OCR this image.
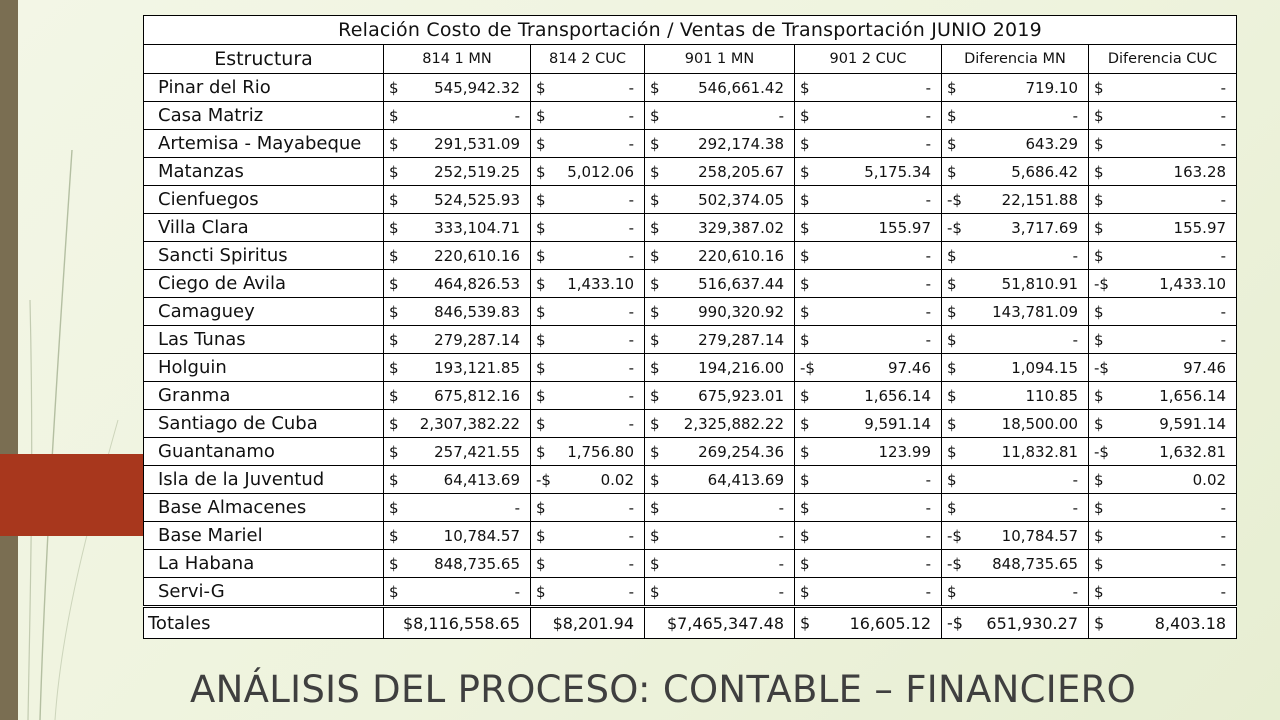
Relación Costo de Transportación / Ventas de Transportación JUNIO 2019						
Estructura	814 1 MN	814 2 CUC	901 1 MN	901 2 CUC	Diferencia MN	Diferencia CUC
Pinar del Rio	$ 545,942.32	$ -	$ 546,661.42	$ -	$ 719.10	$ -

Casa Matriz	$ -	$ -	$ -	$ -	$ -	$ -

Artemisa - Mayabeque	$ 291,531.09	$ -	$ 292,174.38	$ -	$ 643.29	$ -

Matanzas	$ 252,519.25	$ 5,012.06	$ 258,205.67	$ 5,175.34	$ 5,686.42	$ 163.28

Cienfuegos	$ 524,525.93	$ -	$ 502,374.05	$ -	-$ 22,151.88	$ -

Villa Clara	$ 333,104.71	$ -	$ 329,387.02	$ 155.97	-$ 3,717.69	$ 155.97

Sancti Spiritus	$ 220,610.16	$ -	$ 220,610.16	$ -	$ -	$ -

Ciego de Avila	$ 464,826.53	$ 1,433.10	$ 516,637.44	$ -	$ 51,810.91	-$ 1,433.10

Camaguey	$ 846,539.83	$ -	$ 990,320.92	$ -	$ 143,781.09	$ -

Las Tunas	$ 279,287.14	$ -	$ 279,287.14	$ -	$ -	$ -

Holguin	$ 193,121.85	$ -	$ 194,216.00	-$ 97.46	$ 1,094.15	-$ 97.46

Granma	$ 675,812.16	$ -	$ 675,923.01	$ 1,656.14	$ 110.85	$ 1,656.14

Santiago de Cuba	$ 2,307,382.22	$ -	$ 2,325,882.22	$ 9,591.14	$ 18,500.00	$ 9,591.14

Guantanamo	$ 257,421.55	$ 1,756.80	$ 269,254.36	$ 123.99	$ 11,832.81	-$ 1,632.81

Isla de la Juventud	$ 64,413.69	-$ 0.02	$ 64,413.69	$ -	$ -	$ 0.02

Base Almacenes	$ -	$ -	$ -	$ -	$ -	$ -

Base Mariel	$ 10,784.57	$ -	$ -	$ -	-$ 10,784.57	$ -

La Habana	$ 848,735.65	$ -	$ -	$ -	-$ 848,735.65	$ -

Servi-G	$ -	$ -	$ -	$ -	$ -	$ -

Totales	$8,116,558.65	$8,201.94	$7,465,347.48	$ 16,605.12	-$ 651,930.27	$ 8,403.18
ANÁLISIS DEL PROCESO: CONTABLE – FINANCIERO
